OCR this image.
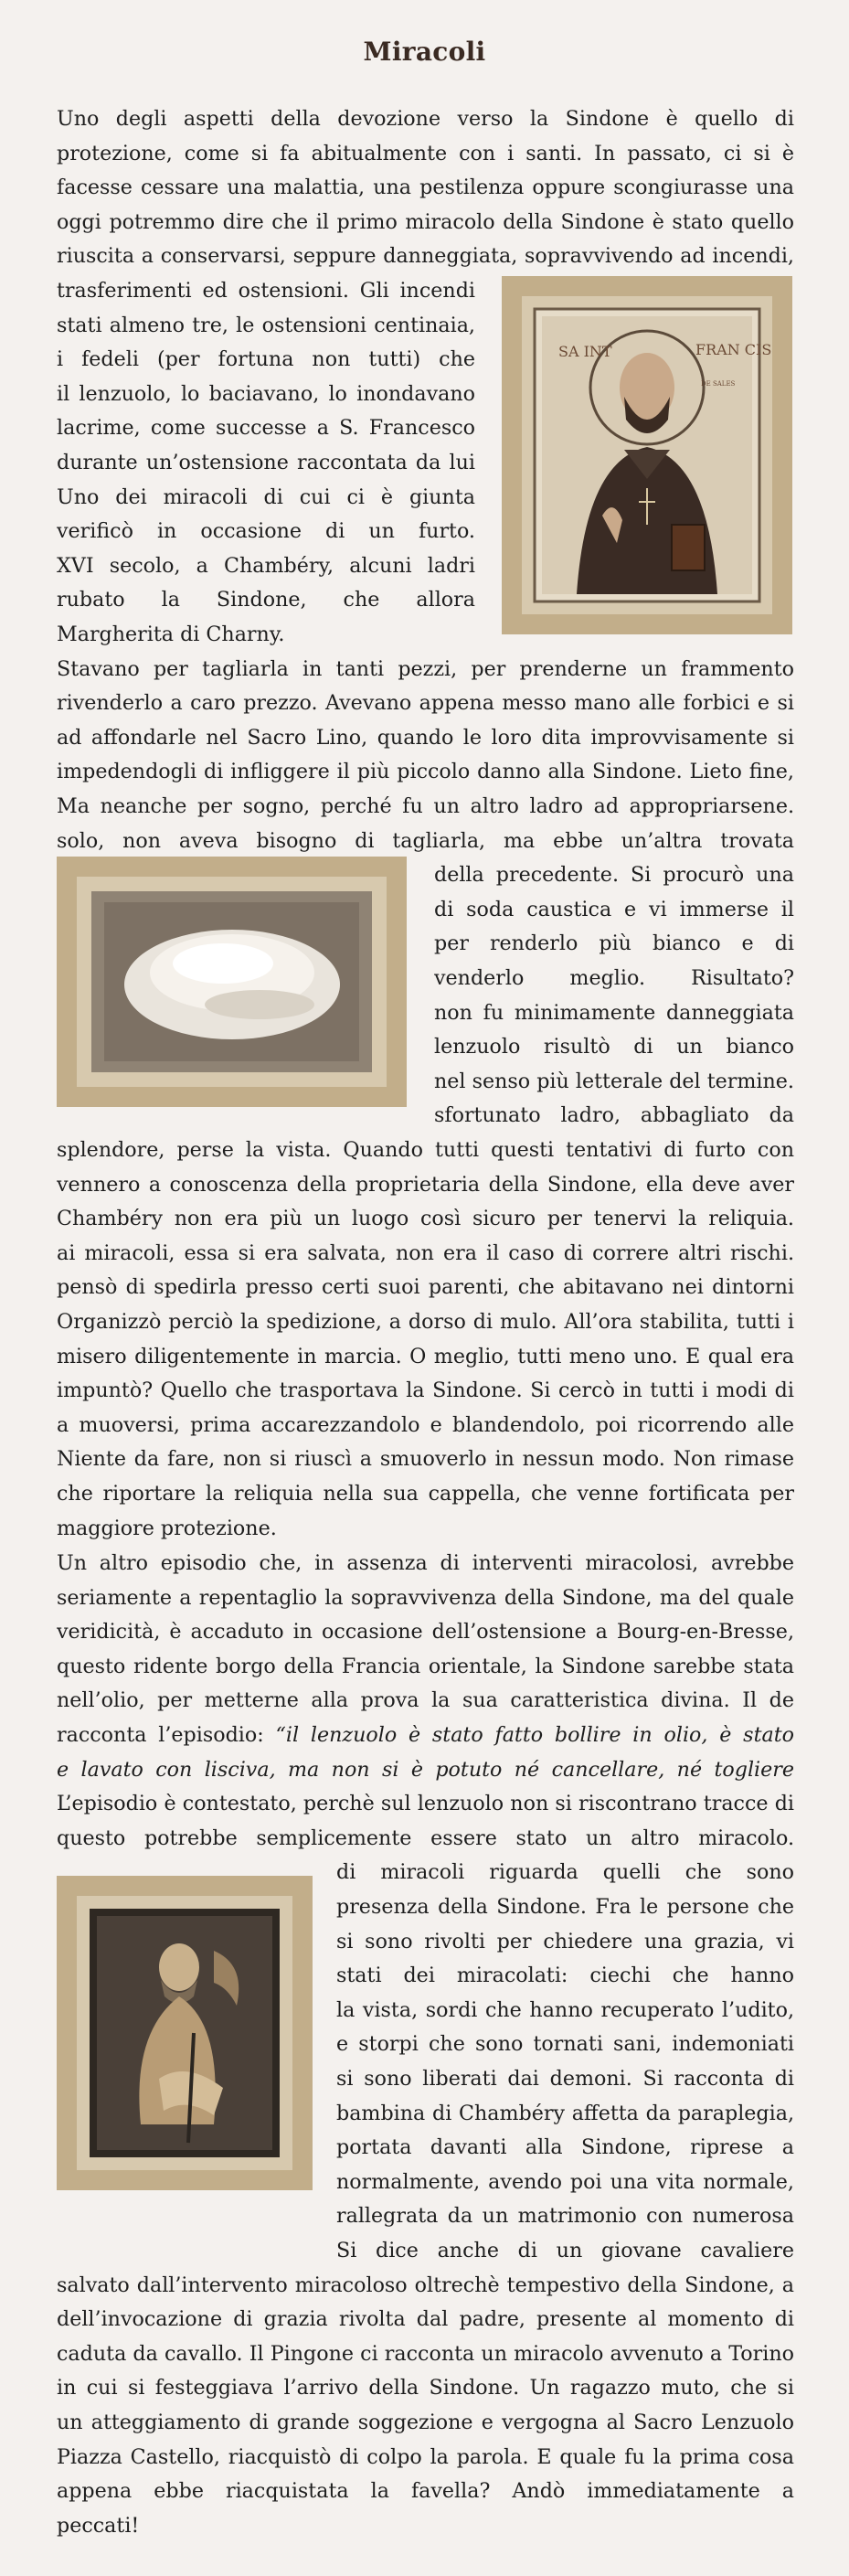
Miracoli
Uno degli aspetti della devozione verso la Sindone è quello di
protezione, come si fa abitualmente con i santi. In passato, ci si è
facesse cessare una malattia, una pestilenza oppure scongiurasse una
oggi potremmo dire che il primo miracolo della Sindone è stato quello
riuscita a conservarsi, seppure danneggiata, sopravvivendo ad incendi,
trasferimenti ed ostensioni. Gli incendi
stati almeno tre, le ostensioni centinaia,
i fedeli (per fortuna non tutti) che
il lenzuolo, lo baciavano, lo inondavano
lacrime, come successe a S. Francesco
durante un’ostensione raccontata da lui
Uno dei miracoli di cui ci è giunta
verificò in occasione di un furto.
XVI secolo, a Chambéry, alcuni ladri
rubato la Sindone, che allora
Margherita di Charny.
Stavano per tagliarla in tanti pezzi, per prenderne un frammento
rivenderlo a caro prezzo. Avevano appena messo mano alle forbici e si
ad affondarle nel Sacro Lino, quando le loro dita improvvisamente si
impedendogli di infliggere il più piccolo danno alla Sindone. Lieto fine,
Ma neanche per sogno, perché fu un altro ladro ad appropriarsene.
solo, non aveva bisogno di tagliarla, ma ebbe un’altra trovata
della precedente. Si procurò una
di soda caustica e vi immerse il
per renderlo più bianco e di
venderlo meglio. Risultato?
non fu minimamente danneggiata
lenzuolo risultò di un bianco
nel senso più letterale del termine.
sfortunato ladro, abbagliato da
splendore, perse la vista. Quando tutti questi tentativi di furto con
vennero a conoscenza della proprietaria della Sindone, ella deve aver
Chambéry non era più un luogo così sicuro per tenervi la reliquia.
ai miracoli, essa si era salvata, non era il caso di correre altri rischi.
pensò di spedirla presso certi suoi parenti, che abitavano nei dintorni
Organizzò perciò la spedizione, a dorso di mulo. All’ora stabilita, tutti i
misero diligentemente in marcia. O meglio, tutti meno uno. E qual era
impuntò? Quello che trasportava la Sindone. Si cercò in tutti i modi di
a muoversi, prima accarezzandolo e blandendolo, poi ricorrendo alle
Niente da fare, non si riuscì a smuoverlo in nessun modo. Non rimase
che riportare la reliquia nella sua cappella, che venne fortificata per
maggiore protezione.
Un altro episodio che, in assenza di interventi miracolosi, avrebbe
seriamente a repentaglio la sopravvivenza della Sindone, ma del quale
veridicità, è accaduto in occasione dell’ostensione a Bourg-en-Bresse,
questo ridente borgo della Francia orientale, la Sindone sarebbe stata
nell’olio, per metterne alla prova la sua caratteristica divina. Il de
racconta l’episodio: “il lenzuolo è stato fatto bollire in olio, è stato
e lavato con lisciva, ma non si è potuto né cancellare, né togliere
L’episodio è contestato, perchè sul lenzuolo non si riscontrano tracce di
questo potrebbe semplicemente essere stato un altro miracolo.
di miracoli riguarda quelli che sono
presenza della Sindone. Fra le persone che
si sono rivolti per chiedere una grazia, vi
stati dei miracolati: ciechi che hanno
la vista, sordi che hanno recuperato l’udito,
e storpi che sono tornati sani, indemoniati
si sono liberati dai demoni. Si racconta di
bambina di Chambéry affetta da paraplegia,
portata davanti alla Sindone, riprese a
normalmente, avendo poi una vita normale,
rallegrata da un matrimonio con numerosa
Si dice anche di un giovane cavaliere
salvato dall’intervento miracoloso oltrechè tempestivo della Sindone, a
dell’invocazione di grazia rivolta dal padre, presente al momento di
caduta da cavallo. Il Pingone ci racconta un miracolo avvenuto a Torino
in cui si festeggiava l’arrivo della Sindone. Un ragazzo muto, che si
un atteggiamento di grande soggezione e vergogna al Sacro Lenzuolo
Piazza Castello, riacquistò di colpo la parola. E quale fu la prima cosa
appena ebbe riacquistata la favella? Andò immediatamente a
peccati!
SA INT	FRAN CIS
DE SALES
